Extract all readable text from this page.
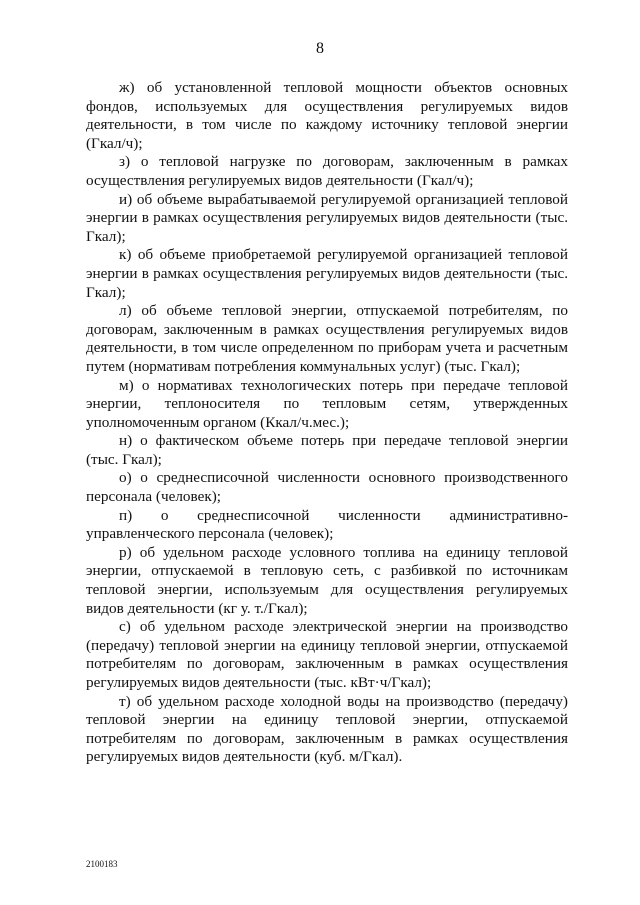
8

ж) об установленной тепловой мощности объектов основных фондов, используемых для осуществления регулируемых видов деятельности, в том числе по каждому источнику тепловой энергии (Гкал/ч);

з) о тепловой нагрузке по договорам, заключенным в рамках осуществления регулируемых видов деятельности (Гкал/ч);

и) об объеме вырабатываемой регулируемой организацией тепловой энергии в рамках осуществления регулируемых видов деятельности (тыс. Гкал);

к) об объеме приобретаемой регулируемой организацией тепловой энергии в рамках осуществления регулируемых видов деятельности (тыс. Гкал);

л) об объеме тепловой энергии, отпускаемой потребителям, по договорам, заключенным в рамках осуществления регулируемых видов деятельности, в том числе определенном по приборам учета и расчетным путем (нормативам потребления коммунальных услуг) (тыс. Гкал);

м) о нормативах технологических потерь при передаче тепловой энергии, теплоносителя по тепловым сетям, утвержденных уполномоченным органом (Ккал/ч.мес.);

н) о фактическом объеме потерь при передаче тепловой энергии (тыс. Гкал);

о) о среднесписочной численности основного производственного персонала (человек);

п) о среднесписочной численности административно-управленческого персонала (человек);

р) об удельном расходе условного топлива на единицу тепловой энергии, отпускаемой в тепловую сеть, с разбивкой по источникам тепловой энергии, используемым для осуществления регулируемых видов деятельности (кг у. т./Гкал);

с) об удельном расходе электрической энергии на производство (передачу) тепловой энергии на единицу тепловой энергии, отпускаемой потребителям по договорам, заключенным в рамках осуществления регулируемых видов деятельности (тыс. кВт·ч/Гкал);

т) об удельном расходе холодной воды на производство (передачу) тепловой энергии на единицу тепловой энергии, отпускаемой потребителям по договорам, заключенным в рамках осуществления регулируемых видов деятельности (куб. м/Гкал).

2100183
